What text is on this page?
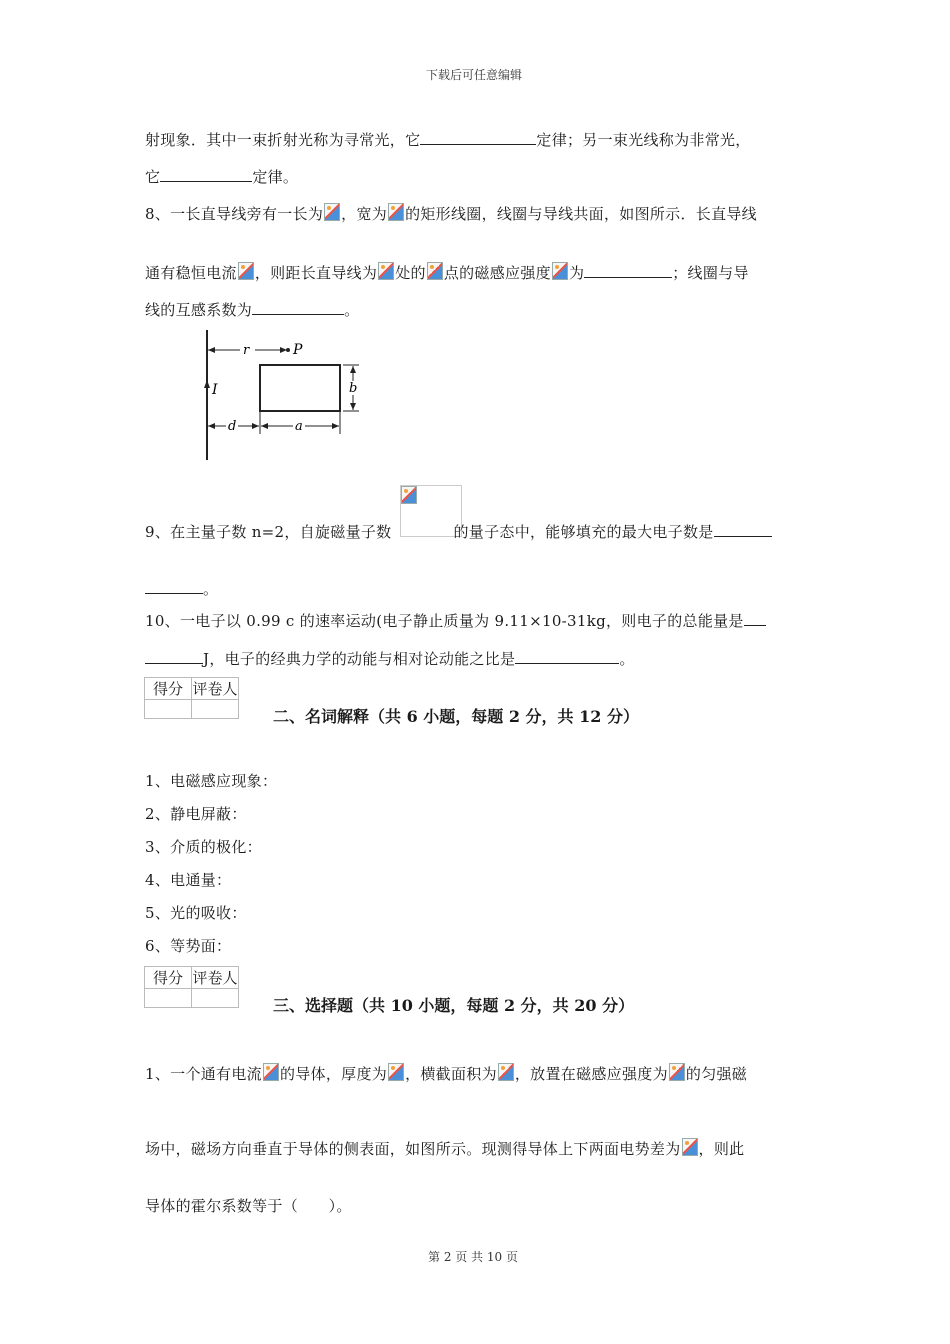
下载后可任意编辑
射现象．其中一束折射光称为寻常光，它	定律；另一束光线称为非常光，
它	定律。
8、一长直导线旁有一长为 ，宽为 的矩形线圈，线圈与导线共面，如图所示．长直导线
通有稳恒电流 ，则距长直导线为 处的 点的磁感应强度 为	；线圈与导
线的互感系数为	。
r	P
I	b
d	a
9、在主量子数 n=2，自旋磁量子数	的量子态中，能够填充的最大电子数是
。
10、一电子以 0.99 c 的速率运动(电子静止质量为 9.11×10-31kg，则电子的总能量是
J，电子的经典力学的动能与相对论动能之比是	。
得分	评卷人

二、名词解释（共 6 小题，每题 2 分，共 12 分）
1、电磁感应现象：
2、静电屏蔽：
3、介质的极化：
4、电通量：
5、光的吸收：
6、等势面：
得分	评卷人

三、选择题（共 10 小题，每题 2 分，共 20 分）
1、一个通有电流 的导体，厚度为 ，横截面积为 ，放置在磁感应强度为 的匀强磁
场中，磁场方向垂直于导体的侧表面，如图所示。现测得导体上下两面电势差为 ，则此
导体的霍尔系数等于（　　）。
第 2 页 共 10 页
